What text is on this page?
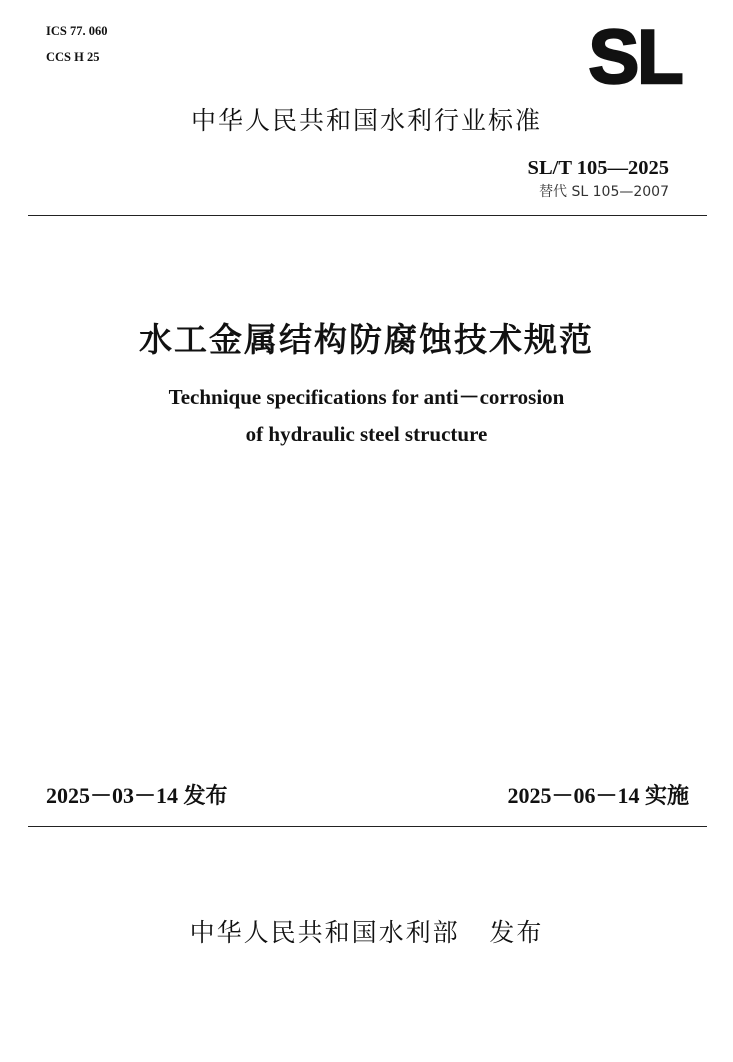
ICS 77. 060
CCS H 25	SL
中华人民共和国水利行业标准
SL/T 105—2025
替代 SL 105—2007
水工金属结构防腐蚀技术规范
Technique specifications for anti－corrosion
of hydraulic steel structure
2025－03－14 发布	2025－06－14 实施
中华人民共和国水利部   发布
